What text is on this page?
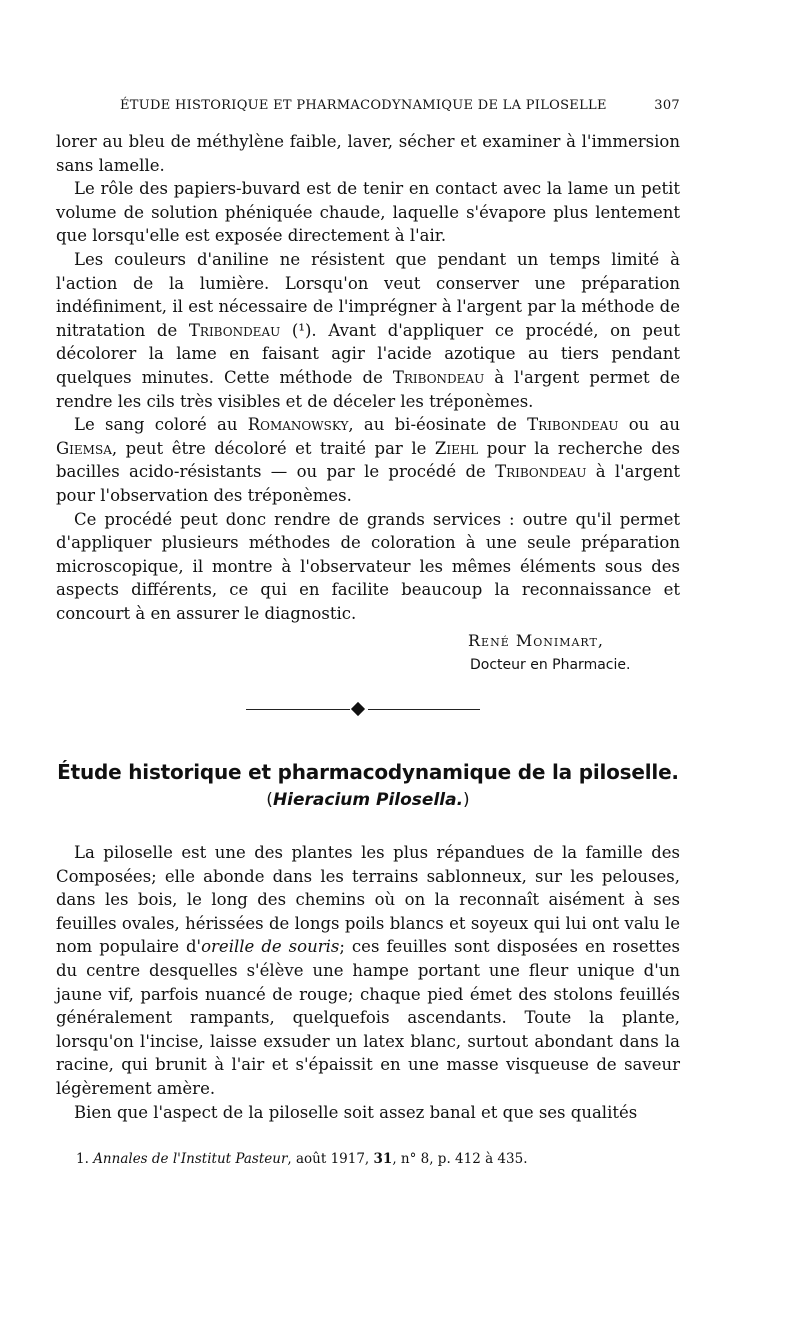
ÉTUDE HISTORIQUE ET PHARMACODYNAMIQUE DE LA PILOSELLE	307

lorer au bleu de méthylène faible, laver, sécher et examiner à l'immersion sans lamelle.

Le rôle des papiers-buvard est de tenir en contact avec la lame un petit volume de solution phéniquée chaude, laquelle s'évapore plus lentement que lorsqu'elle est exposée directement à l'air.

Les couleurs d'aniline ne résistent que pendant un temps limité à l'action de la lumière. Lorsqu'on veut conserver une préparation indéfiniment, il est nécessaire de l'imprégner à l'argent par la méthode de nitratation de Tribondeau (¹). Avant d'appliquer ce procédé, on peut décolorer la lame en faisant agir l'acide azotique au tiers pendant quelques minutes. Cette méthode de Tribondeau à l'argent permet de rendre les cils très visibles et de déceler les tréponèmes.

Le sang coloré au Romanowsky, au bi-éosinate de Tribondeau ou au Giemsa, peut être décoloré et traité par le Ziehl pour la recherche des bacilles acido-résistants — ou par le procédé de Tribondeau à l'argent pour l'observation des tréponèmes.

Ce procédé peut donc rendre de grands services : outre qu'il permet d'appliquer plusieurs méthodes de coloration à une seule préparation microscopique, il montre à l'observateur les mêmes éléments sous des aspects différents, ce qui en facilite beaucoup la reconnaissance et concourt à en assurer le diagnostic.

René Monimart,
Docteur en Pharmacie.
Étude historique et pharmacodynamique de la piloselle.
(Hieracium Pilosella.)

La piloselle est une des plantes les plus répandues de la famille des Composées; elle abonde dans les terrains sablonneux, sur les pelouses, dans les bois, le long des chemins où on la reconnaît aisément à ses feuilles ovales, hérissées de longs poils blancs et soyeux qui lui ont valu le nom populaire d'oreille de souris; ces feuilles sont disposées en rosettes du centre desquelles s'élève une hampe portant une fleur unique d'un jaune vif, parfois nuancé de rouge; chaque pied émet des stolons feuillés généralement rampants, quelquefois ascendants. Toute la plante, lorsqu'on l'incise, laisse exsuder un latex blanc, surtout abondant dans la racine, qui brunit à l'air et s'épaissit en une masse visqueuse de saveur légèrement amère.

Bien que l'aspect de la piloselle soit assez banal et que ses qualités

1. Annales de l'Institut Pasteur, août 1917, 31, n° 8, p. 412 à 435.
